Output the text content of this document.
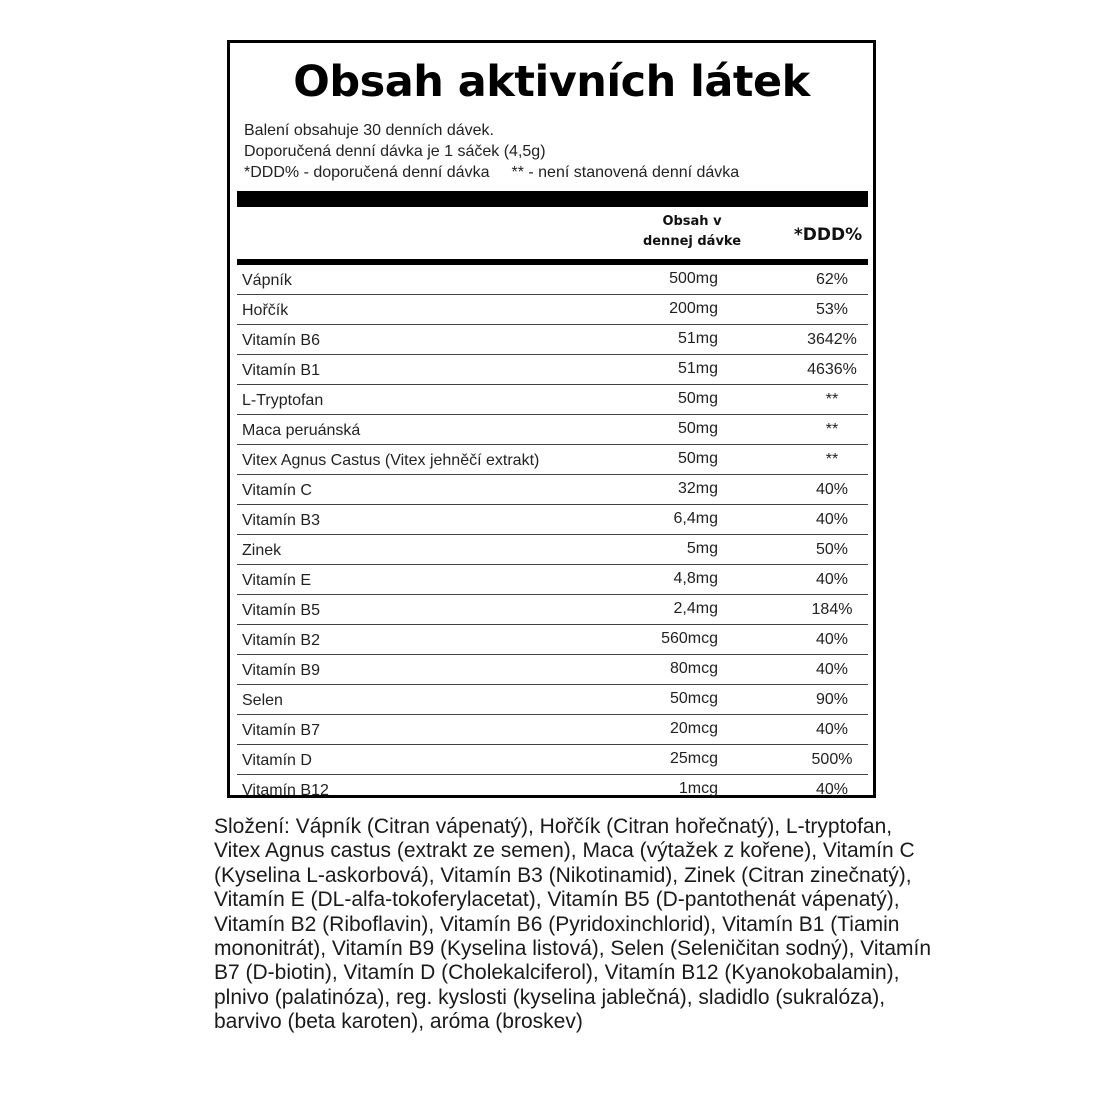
Obsah aktivních látek
Balení obsahuje 30 denních dávek.
Doporučená denní dávka je 1 sáček (4,5g)
*DDD% - doporučená denní dávka ** - není stanovená denní dávka
Obsah v
dennej dávke	*DDD%
Vápník	500mg	62%
Hořčík	200mg	53%
Vitamín B6	51mg	3642%
Vitamín B1	51mg	4636%
L-Tryptofan	50mg	**
Maca peruánská	50mg	**
Vitex Agnus Castus (Vitex jehněčí extrakt)	50mg	**
Vitamín C	32mg	40%
Vitamín B3	6,4mg	40%
Zinek	5mg	50%
Vitamín E	4,8mg	40%
Vitamín B5	2,4mg	184%
Vitamín B2	560mcg	40%
Vitamín B9	80mcg	40%
Selen	50mcg	90%
Vitamín B7	20mcg	40%
Vitamín D	25mcg	500%
Vitamín B12	1mcg	40%
Složení: Vápník (Citran vápenatý), Hořčík (Citran hořečnatý), L-tryptofan, Vitex Agnus castus (extrakt ze semen), Maca (výtažek z kořene), Vitamín C (Kyselina L-askorbová), Vitamín B3 (Nikotinamid), Zinek (Citran zinečnatý), Vitamín E (DL-alfa-tokoferylacetat), Vitamín B5 (D-pantothenát vápenatý), Vitamín B2 (Riboflavin), Vitamín B6 (Pyridoxinchlorid), Vitamín B1 (Tiamin mononitrát), Vitamín B9 (Kyselina listová), Selen (Seleničitan sodný), Vitamín B7 (D-biotin), Vitamín D (Cholekalciferol), Vitamín B12 (Kyanokobalamin), plnivo (palatinóza), reg. kyslosti (kyselina jablečná), sladidlo (sukralóza), barvivo (beta karoten), aróma (broskev)
